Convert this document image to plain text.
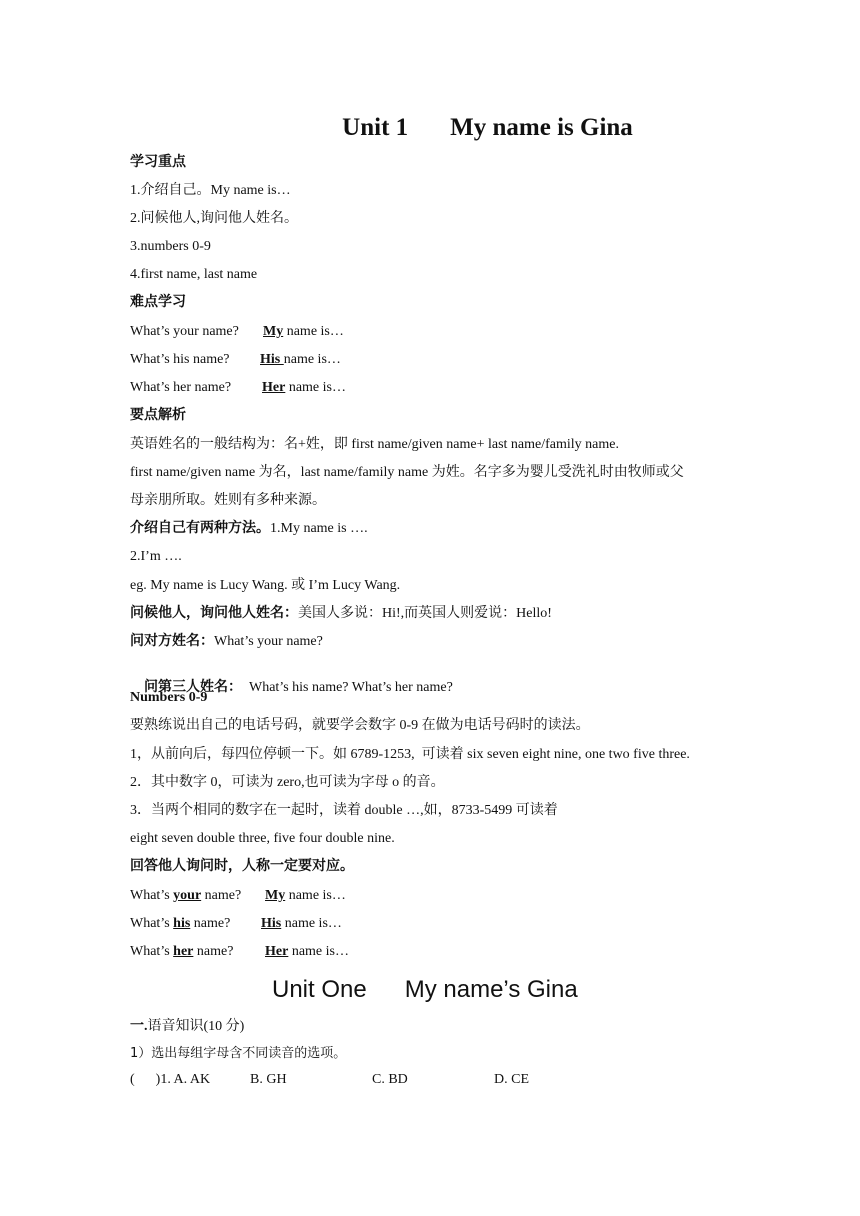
Unit 1 My name is Gina
学习重点
1.介绍自己。My name is…
2.问候他人,询问他人姓名。
3.numbers 0-9
4.first name, last name
难点学习
What’s your name? My name is…
What’s his name? His name is…
What’s her name? Her name is…
要点解析
英语姓名的一般结构为：名+姓，即 first name/given name+ last name/family name.
first name/given name 为名，last name/family name 为姓。名字多为婴儿受洗礼时由牧师或父
母亲朋所取。姓则有多种来源。
介绍自己有两种方法。1.My name is ….
2.I’m ….
eg. My name is Lucy Wang. 或 I’m Lucy Wang.
问候他人，询问他人姓名：美国人多说：Hi!,而英国人则爱说：Hello!
问对方姓名：What’s your name?

问第三人姓名：  What’s his name? What’s her name?

Numbers 0-9
要熟练说出自己的电话号码，就要学会数字 0-9 在做为电话号码时的读法。
1，从前向后，每四位停顿一下。如 6789-1253,  可读着 six seven eight nine, one two five three.
2．其中数字 0，可读为 zero,也可读为字母 o 的音。
3．当两个相同的数字在一起时，读着 double …,如，8733-5499 可读着
eight seven double three, five four double nine.
回答他人询问时，人称一定要对应。
What’s your name? My name is…
What’s his name? His name is…
What’s her name? Her name is…
Unit One My name’s Gina
一.语音知识(10 分)
1）选出每组字母含不同读音的选项。
(      )1. A. AK	B. GH	C. BD	D. CE
